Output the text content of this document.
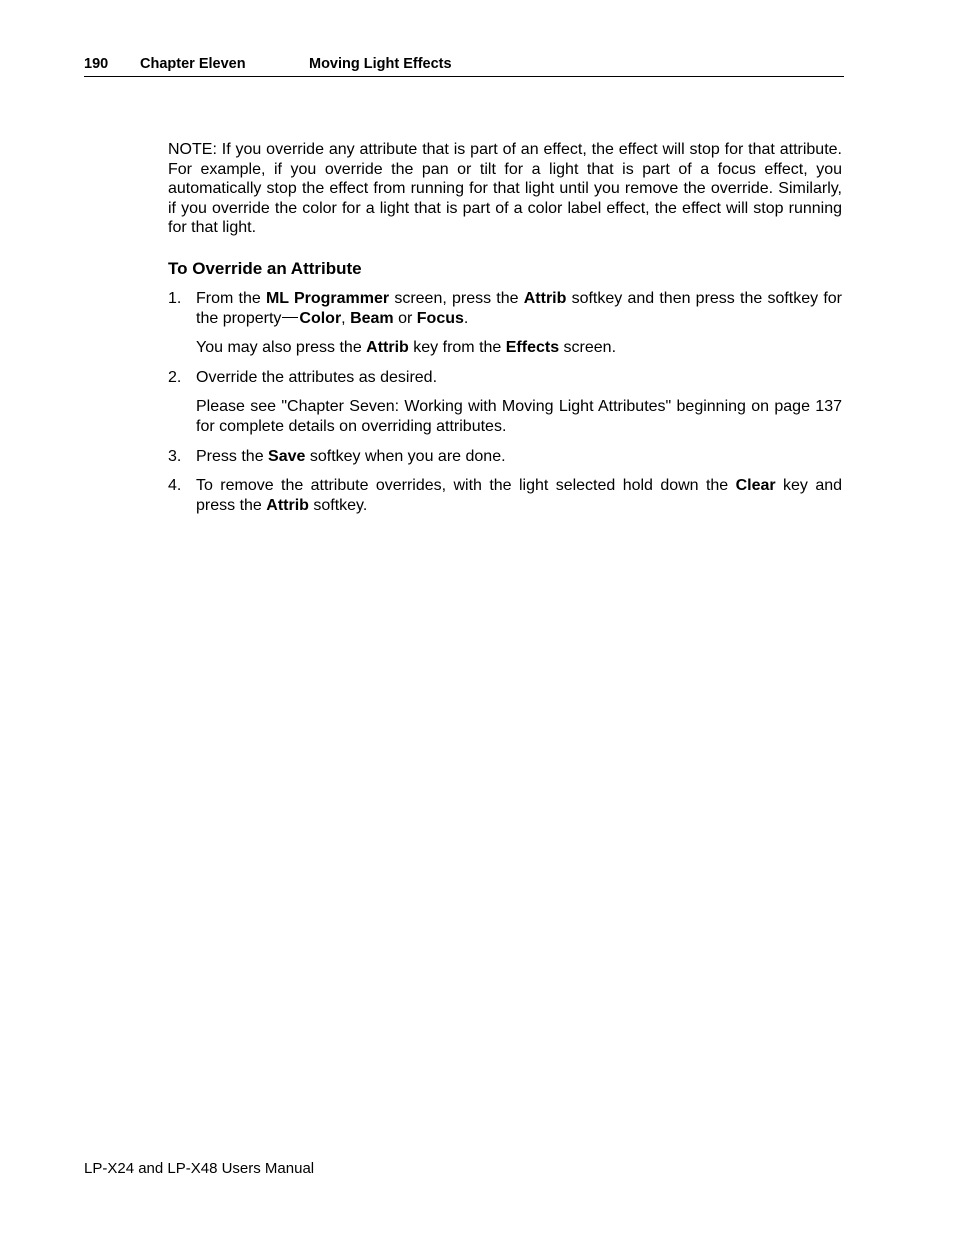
190 Chapter Eleven	Moving Light Effects

NOTE: If you override any attribute that is part of an effect, the effect will stop for that attribute. For example, if you override the pan or tilt for a light that is part of a focus effect, you automatically stop the effect from running for that light until you remove the override. Similarly, if you override the color for a light that is part of a color label effect, the effect will stop running for that light.

To Override an Attribute

1. From the ML Programmer screen, press the Attrib softkey and then press the softkey for the property Color, Beam or Focus.

You may also press the Attrib key from the Effects screen.

2. Override the attributes as desired.

Please see "Chapter Seven: Working with Moving Light Attributes" beginning on page 137 for complete details on overriding attributes.

3. Press the Save softkey when you are done.

4. To remove the attribute overrides, with the light selected hold down the Clear key and press the Attrib softkey.

LP-X24 and LP-X48 Users Manual
